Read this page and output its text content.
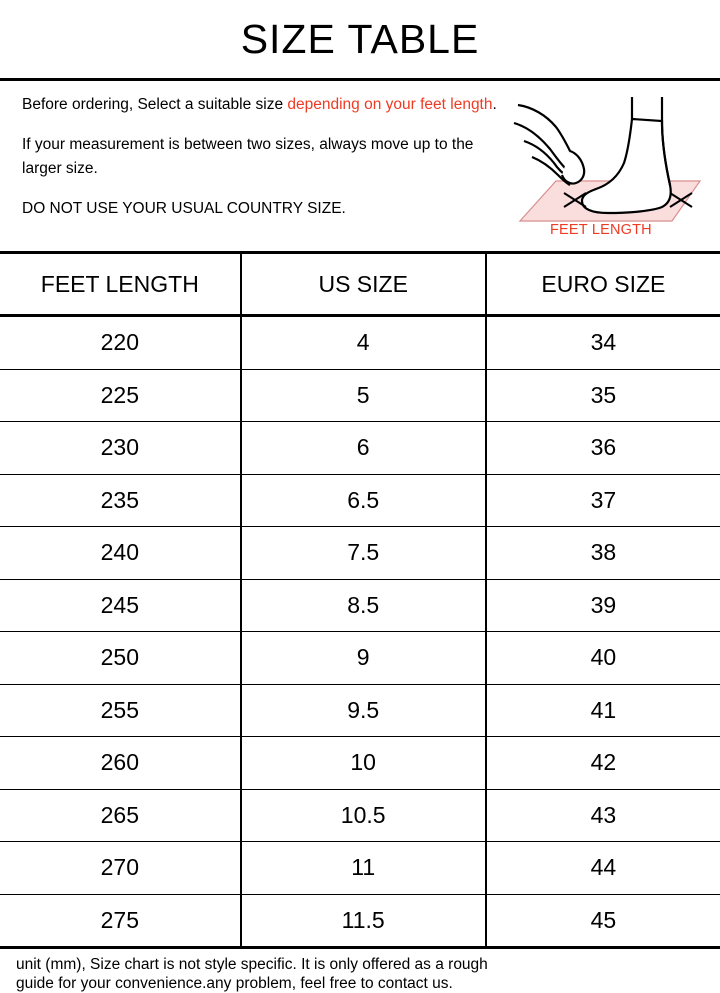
SIZE TABLE
Before ordering, Select a suitable size depending on your feet length.
If your measurement is between two sizes, always move up to the larger size.
DO NOT USE YOUR USUAL COUNTRY SIZE.
FEET LENGTH
FEET LENGTH	US SIZE	EURO SIZE
220	4	34
225	5	35
230	6	36
235	6.5	37
240	7.5	38
245	8.5	39
250	9	40
255	9.5	41
260	10	42
265	10.5	43
270	11	44
275	11.5	45
unit (mm), Size chart is not style specific. It is only offered as a rough
guide for your convenience.any problem, feel free to contact us.
